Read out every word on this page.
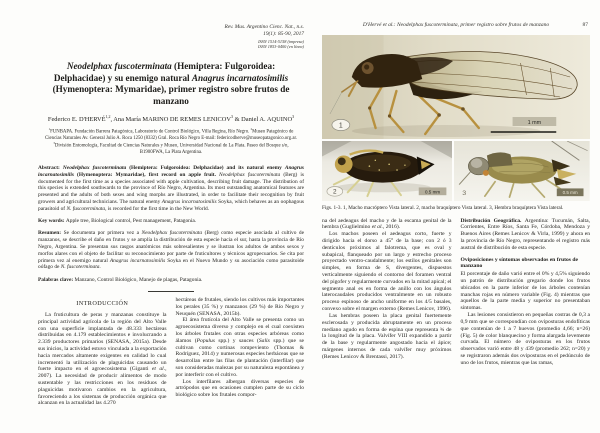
Rev. Mus. Argentino Cienc. Nat., n.s.
19(1): 85-90, 2017
ISSN 1514-5158 (impresa)
ISSN 1853-0400 (en línea)
Neodelphax fuscoterminata (Hemiptera: Fulgoroidea: Delphacidae) y su enemigo natural Anagrus incarnatosimilis (Hymenoptera: Mymaridae), primer registro sobre frutos de manzano
Federico E. D'HERVÉ$^{1,2}$, Ana María MARINO DE REMES LENICOV$^3$ & Daniel A. AQUINO$^3$
$^1$FUNBAPA. Fundación Barrera Patagónica, Laboratorio de Control Biológico, Villa Regina, Río Negro. $^2$Museo Patagónico de Ciencias Naturales Av. General Julio A. Roca 1250 (8332) Gral. Roca Río Negro E-mail: federicodherve@museopatagonico.org.ar. $^3$División Entomología, Facultad de Ciencias Naturales y Museo, Universidad Nacional de La Plata. Paseo del Bosque s/n, B1900FWA, La Plata Argentina.

Abstract: Neodelphax fuscoterminata (Hemiptera: Fulgoroidea: Delphacidae) and its natural enemy Anagrus incarnatosimilis (Hymenoptera: Mymaridae), first record on apple fruit. Neodelphax fuscoterminata (Berg) is documented for the first time as a species associated with apple cultivation, describing fruit damage. The distribution of this species is extended southwards to the province of Río Negro, Argentina. Its most outstanding anatomical features are presented and the adults of both sexes and wing morphs are illustrated, in order to facilitate their recognition by fruit growers and agricultural technicians. The natural enemy Anagrus incarnatosimilis Soyka, which behaves as an oophagous parasitoid of N. fuscoterminata, is recorded for the first time in the New World.

Key words: Apple tree, Biological control, Pest management, Patagonia.

Resumen: Se documenta por primera vez a Neodelphax fuscoterminata (Berg) como especie asociada al cultivo de manzanos, se describe el daño en frutos y se amplía la distribución de esta especie hacia el sur, hasta la provincia de Río Negro, Argentina. Se presentan sus rasgos anatómicos más sobresalientes y se ilustran los adultos de ambos sexos y morfos alares con el objeto de facilitar su reconocimiento por parte de fruticultores y técnicos agropecuarios. Se cita por primera vez al enemigo natural Anagrus incarnatosimilis Soyka en el Nuevo Mundo y su asociación como parasitoide oófago de N. fuscoterminata.

Palabras clave: Manzano, Control Biológico, Manejo de plagas, Patagonia.

INTRODUCCIÓN

La fruticultura de peras y manzanas constituye la principal actividad agrícola de la región del Alto Valle con una superficie implantada de 48.333 hectáreas distribuidas en 4.179 establecimientos e involucrando a 2.339 productores primarios (SENASA, 2015a). Desde sus inicios, la actividad estuvo vinculada a la exportación hacia mercados altamente exigentes en calidad lo cual incrementó la utilización de plaguicidas causando un fuerte impacto en el agroecosistema (Giganti et al., 2007). La necesidad de producir alimentos de modo sustentable y las restricciones en los residuos de plaguicidas motivaron cambios en la agricultura, favoreciendo a los sistemas de producción orgánica que alcanzan en la actualidad las 4.270

hectáreas de frutales, siendo los cultivos más importantes los perales (35 %) y manzanos (29 %) de Río Negro y Neuquén (SENASA, 2015b).

El área frutícola del Alto Valle se presenta como un agroecosistema diverso y complejo en el cual coexisten los árboles frutales con otras especies arbóreas como álamos (Populus spp.) y sauces (Salix spp.) que se cultivan como cortinas rompeviento (Thomas & Rodríguez, 2014) y numerosas especies herbáceas que se desarrollan entre las filas de plantación (interfilar) que son consideradas malezas por su naturaleza espontánea y por interferir con el cultivo.

Los interfilares albergan diversas especies de artrópodos que en ocasiones cumplen parte de su ciclo biológico sobre los frutales compor-

D'Hervé et al.: Neodelphax fuscoterminata, primer registro sobre frutos de manzano	87
1	1 mm
2	0.5 mm	3	0.5 mm
Figs. 1-3. 1, Macho macróptero Vista lateral. 2, macho braquíptero Vista lateral. 3, Hembra braquíptera Vista lateral.

na del aedeagus del macho y de la escama genital de la hembra (Guglielmino et al., 2016).

Los machos poseen el aedeagus corto, fuerte y dirigido hacia el dorso a 45° de la base; con 2 ó 3 dentículos próximos al falotrema, que es oval y subapical, flanqueado por un largo y estrecho proceso proyectado ventro-caudalmente; los estilos genitales son simples, en forma de S, divergentes, dispuestos verticalmente siguiendo el contorno del foramen ventral del pigofer y regularmente curvados en la mitad apical; el segmento anal es en forma de anillo con los ángulos laterocaudales producidos ventralmente en un robusto proceso espinoso de ancho uniforme en los 4/5 basales, convexo sobre el margen externo (Remes Lenicov, 1996).

Las hembras poseen la placa genital fuertemente esclerosada y producida abruptamente en un proceso mediano agudo en forma de espina que representa ¾ de la longitud de la placa. Valvífer VIII expandido a partir de la base y regularmente angostado hacia el ápice; márgenes internos de cada valvífer muy próximos (Remes Lenicov & Brentassi, 2017).

Distribución Geográfica. Argentina: Tucumán, Salta, Corrientes, Entre Ríos, Santa Fe, Córdoba, Mendoza y Buenos Aires (Remes Lenicov & Virla, 1999) y ahora en la provincia de Río Negro, representando el registro más austral de distribución de esta especie.

Oviposiciones y síntomas observados en frutos de manzano

El porcentaje de daño varió entre el 0% y 4,5% siguiendo un patrón de distribución gregario donde los frutos ubicados en la parte inferior de los árboles contenían manchas rojas en número variable (Fig. 4) mientras que aquellos de la parte media y superior no presentaban síntomas.

Las lesiones consistieron en pequeñas costras de 0,3 a 0,9 mm que se correspondían con oviposturas endofíticas que contenían de 1 a 7 huevos (promedio 4,66; n=26) (Fig. 5) de color blanquecino y forma alargada levemente curvada. El número de oviposturas en los frutos observados varió entre 48 y 439 (promedio 262; n=20) y se registraron además dos oviposturas en el pedúnculo de uno de los frutos, mientras que las ramas,
